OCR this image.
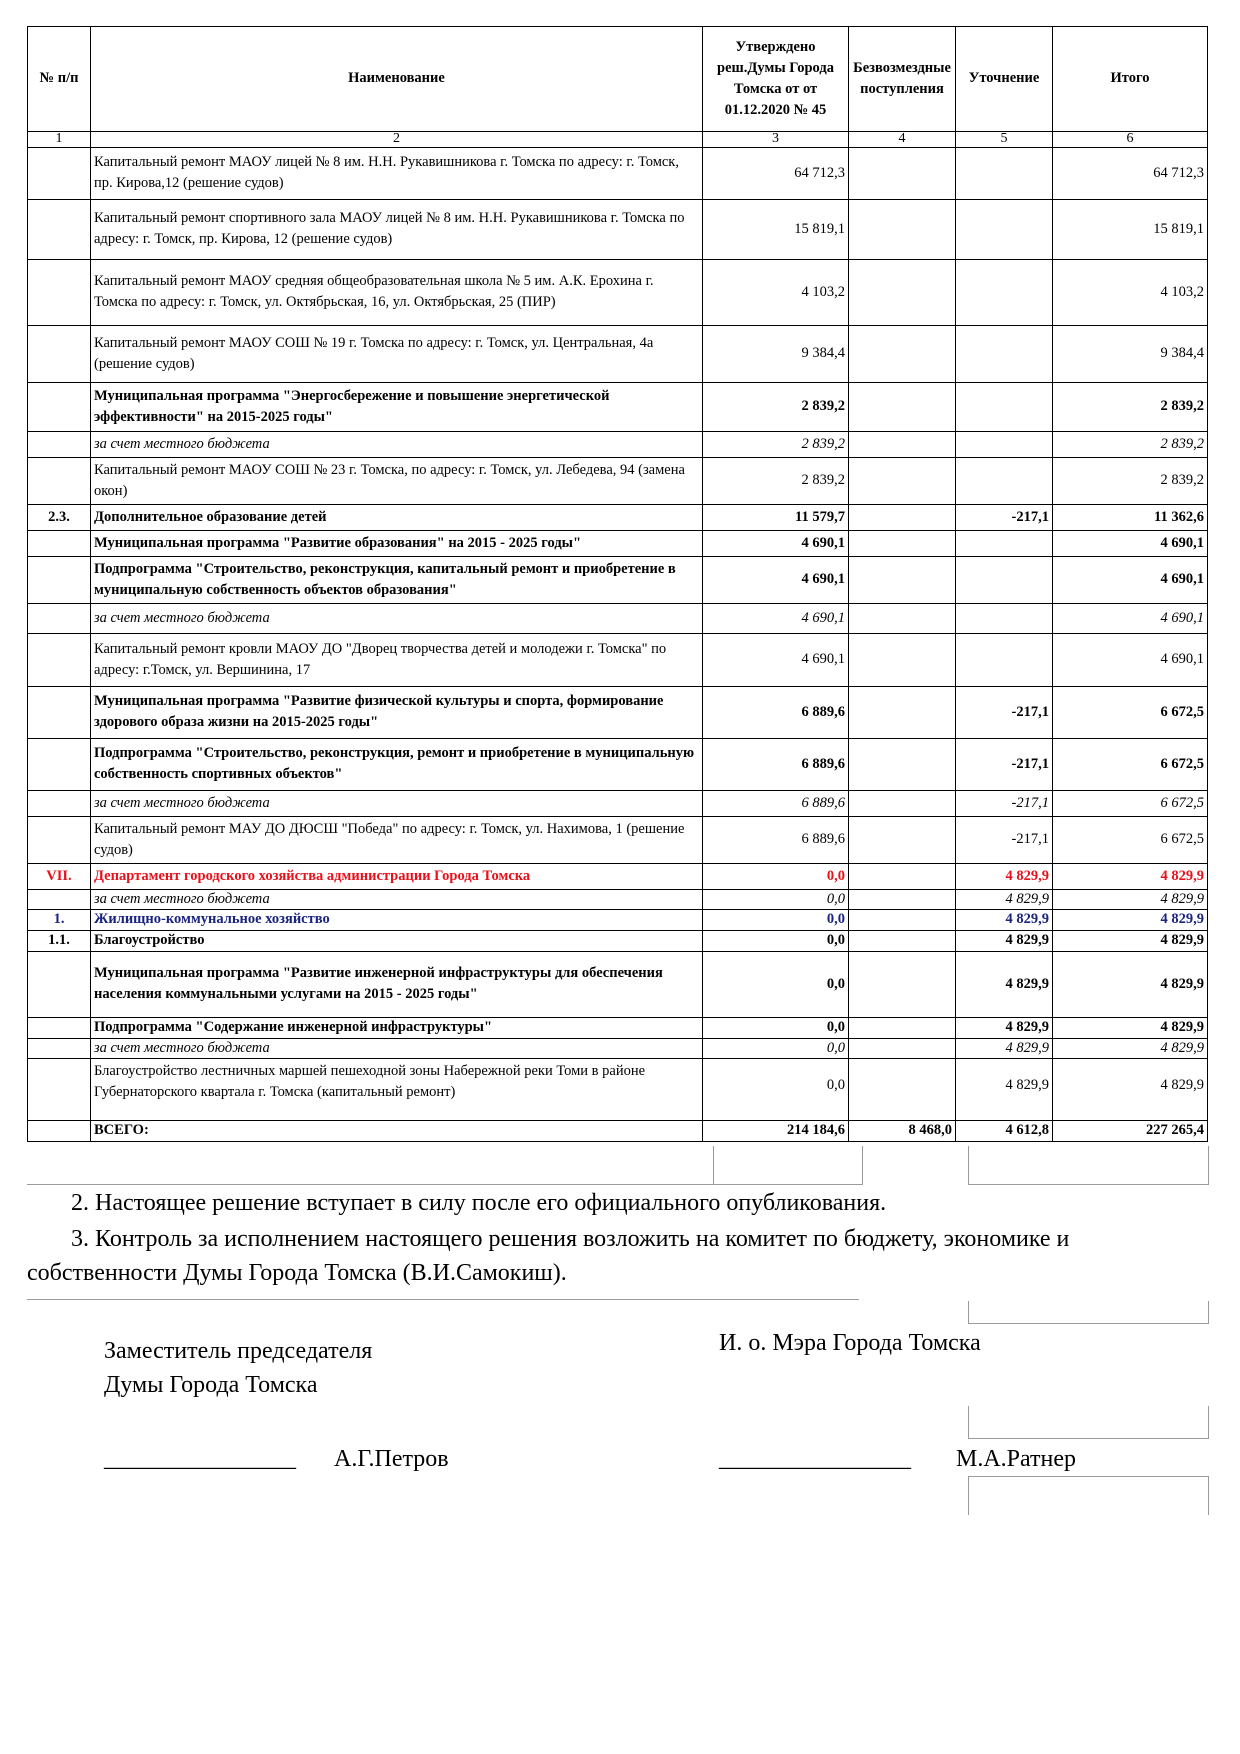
№ п/п	Наименование	Утверждено реш.Думы Города Томска от от 01.12.2020 № 45	Безвозмездные поступления	Уточнение	Итого
1	2	3	4	5	6
	Капитальный ремонт МАОУ лицей № 8 им. Н.Н. Рукавишникова г. Томска по адресу: г. Томск, пр. Кирова,12 (решение судов)	64 712,3			64 712,3
	Капитальный ремонт спортивного зала МАОУ лицей № 8 им. Н.Н. Рукавишникова г. Томска по адресу: г. Томск, пр. Кирова, 12 (решение судов)	15 819,1			15 819,1
	Капитальный ремонт МАОУ средняя общеобразовательная школа № 5 им. А.К. Ерохина г. Томска по адресу: г. Томск, ул. Октябрьская, 16, ул. Октябрьская, 25 (ПИР)	4 103,2			4 103,2
	Капитальный ремонт МАОУ СОШ № 19 г. Томска по адресу: г. Томск, ул. Центральная, 4а (решение судов)	9 384,4			9 384,4
	Муниципальная программа "Энергосбережение и повышение энергетической эффективности" на 2015-2025 годы"	2 839,2			2 839,2
	за счет местного бюджета	2 839,2			2 839,2
	Капитальный ремонт МАОУ СОШ № 23 г. Томска, по адресу: г. Томск, ул. Лебедева, 94 (замена окон)	2 839,2			2 839,2
2.3.	Дополнительное образование детей	11 579,7		-217,1	11 362,6
	Муниципальная программа "Развитие образования" на 2015 - 2025 годы"	4 690,1			4 690,1
	Подпрограмма "Строительство, реконструкция, капитальный ремонт и приобретение в муниципальную собственность объектов образования"	4 690,1			4 690,1
	за счет местного бюджета	4 690,1			4 690,1
	Капитальный ремонт кровли МАОУ ДО "Дворец творчества детей и молодежи г. Томска" по адресу: г.Томск, ул. Вершинина, 17	4 690,1			4 690,1
	Муниципальная программа "Развитие физической культуры и спорта, формирование здорового образа жизни на 2015-2025 годы"	6 889,6		-217,1	6 672,5
	Подпрограмма "Строительство, реконструкция, ремонт и приобретение в муниципальную собственность спортивных объектов"	6 889,6		-217,1	6 672,5
	за счет местного бюджета	6 889,6		-217,1	6 672,5
	Капитальный ремонт МАУ ДО ДЮСШ "Победа" по адресу: г. Томск, ул. Нахимова, 1 (решение судов)	6 889,6		-217,1	6 672,5
VII.	Департамент городского хозяйства администрации Города Томска	0,0		4 829,9	4 829,9
	за счет местного бюджета	0,0		4 829,9	4 829,9
1.	Жилищно-коммунальное хозяйство	0,0		4 829,9	4 829,9
1.1.	Благоустройство	0,0		4 829,9	4 829,9
	Муниципальная программа "Развитие инженерной инфраструктуры для обеспечения населения коммунальными услугами на 2015 - 2025 годы"	0,0		4 829,9	4 829,9
	Подпрограмма "Содержание инженерной инфраструктуры"	0,0		4 829,9	4 829,9
	за счет местного бюджета	0,0		4 829,9	4 829,9
	Благоустройство лестничных маршей пешеходной зоны Набережной реки Томи в районе Губернаторского квартала г. Томска (капитальный ремонт)	0,0		4 829,9	4 829,9
	ВСЕГО:	214 184,6	8 468,0	4 612,8	227 265,4
2. Настоящее решение вступает в силу после его официального опубликования.
3. Контроль за исполнением настоящего решения возложить на комитет по бюджету, экономике и собственности Думы Города Томска (В.И.Самокиш).
Заместитель председателя
Думы Города Томска
________________ А.Г.Петров
И. о. Мэра Города Томска
________________ М.А.Ратнер
